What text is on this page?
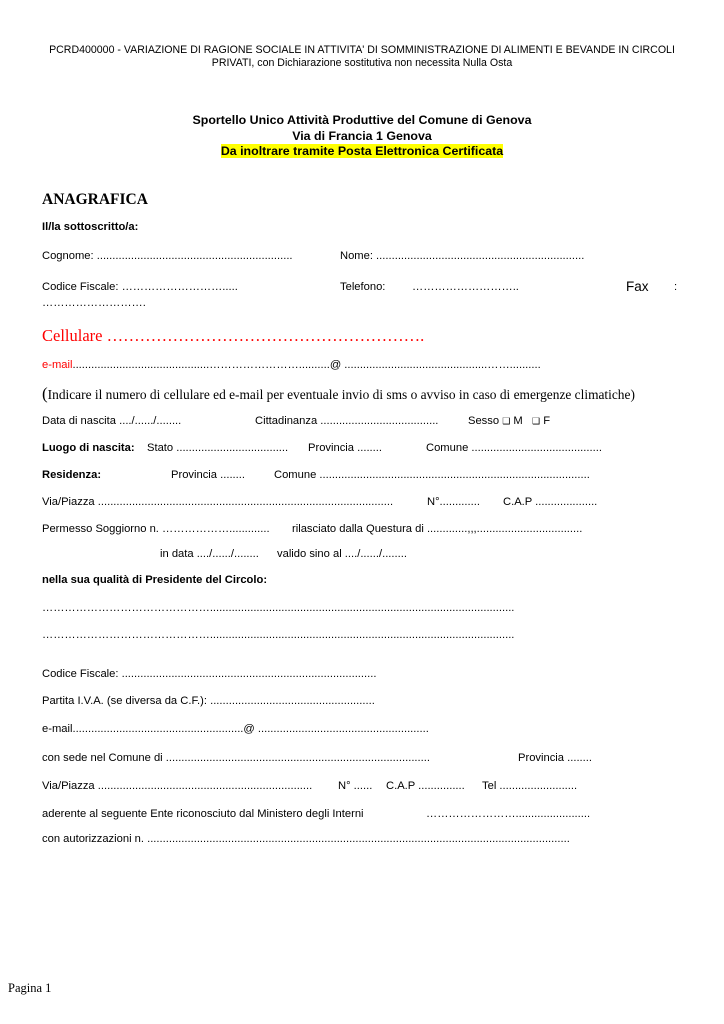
PCRD400000 - VARIAZIONE DI RAGIONE SOCIALE IN ATTIVITA' DI SOMMINISTRAZIONE DI ALIMENTI E BEVANDE IN CIRCOLI
PRIVATI, con Dichiarazione sostitutiva non necessita Nulla Osta
Sportello Unico Attività Produttive del Comune di Genova
Via di Francia 1 Genova
Da inoltrare tramite Posta Elettronica Certificata
ANAGRAFICA
Il/la sottoscritto/a:
Cognome: ...............................................................	Nome: ...................................................................
Codice Fiscale: ……………………….....	Telefono: ………………………..	Fax :
……………………….
Cellulare ………………………………………………….
e-mail............................................……………………..........@ ..............................................……..........
(Indicare il numero di cellulare ed e-mail per eventuale invio di sms o avviso in caso di emergenze climatiche)
Data di nascita ..../....../........	Cittadinanza ......................................	Sesso ❑ M ❑ F
Luogo di nascita: Stato .................................... Provincia ........	Comune ..........................................
Residenza:	Provincia ........	Comune .......................................................................................
Via/Piazza ...............................................................................................	N°............. C.A.P ....................
Permesso Soggiorno n. ………………............. rilasciato dalla Questura di .............,,,..................................
in data ..../....../........ valido sino al ..../....../........
nella sua qualità di Presidente del Circolo:
………………………………………..................................................................................................
………………………………………..................................................................................................
Codice Fiscale: ..................................................................................
Partita I.V.A. (se diversa da C.F.): .....................................................
e-mail.......................................................@ .......................................................
con sede nel Comune di .....................................................................................	Provincia ........
Via/Piazza ..................................................................... N° ...... C.A.P ............... Tel .........................
aderente al seguente Ente riconosciuto dal Ministero degli Interni	……………………........................
con autorizzazioni n. ........................................................................................................................................
Pagina 1
